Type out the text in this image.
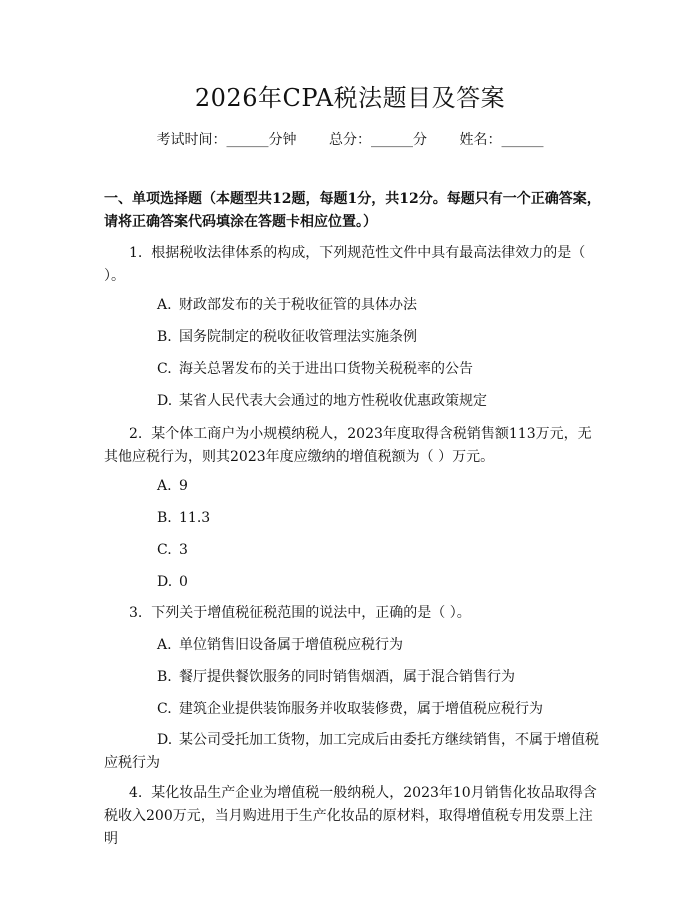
2026年CPA税法题目及答案
考试时间：______分钟 总分：______分 姓名：______
一、单项选择题（本题型共12题，每题1分，共12分。每题只有一个正确答案，请将正确答案代码填涂在答题卡相应位置。）
1. 根据税收法律体系的构成，下列规范性文件中具有最高法律效力的是（ ）。
A. 财政部发布的关于税收征管的具体办法
B. 国务院制定的税收征收管理法实施条例
C. 海关总署发布的关于进出口货物关税税率的公告
D. 某省人民代表大会通过的地方性税收优惠政策规定
2. 某个体工商户为小规模纳税人，2023年度取得含税销售额113万元，无其他应税行为，则其2023年度应缴纳的增值税额为（ ）万元。
A. 9
B. 11.3
C. 3
D. 0
3. 下列关于增值税征税范围的说法中，正确的是（ ）。
A. 单位销售旧设备属于增值税应税行为
B. 餐厅提供餐饮服务的同时销售烟酒，属于混合销售行为
C. 建筑企业提供装饰服务并收取装修费，属于增值税应税行为
D. 某公司受托加工货物，加工完成后由委托方继续销售，不属于增值税应税行为
4. 某化妆品生产企业为增值税一般纳税人，2023年10月销售化妆品取得含税收入200万元，当月购进用于生产化妆品的原材料，取得增值税专用发票上注明
